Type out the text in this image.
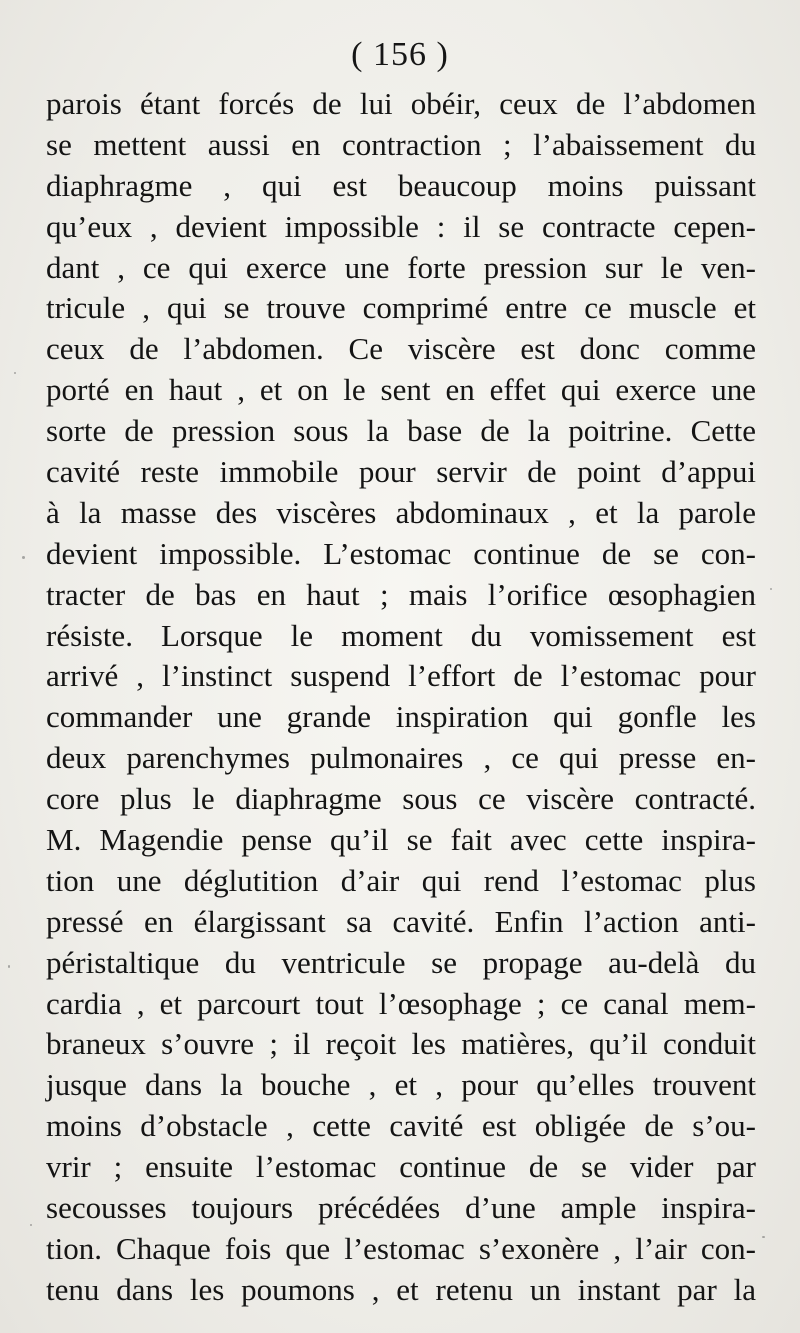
( 156 )
parois étant forcés de lui obéir, ceux de l’abdomen
se mettent aussi en contraction ; l’abaissement du
diaphragme , qui est beaucoup moins puissant
qu’eux , devient impossible : il se contracte cepen-
dant , ce qui exerce une forte pression sur le ven-
tricule , qui se trouve comprimé entre ce muscle et
ceux de l’abdomen. Ce viscère est donc comme
porté en haut , et on le sent en effet qui exerce une
sorte de pression sous la base de la poitrine. Cette
cavité reste immobile pour servir de point d’appui
à la masse des viscères abdominaux , et la parole
devient impossible. L’estomac continue de se con-
tracter de bas en haut ; mais l’orifice œsophagien
résiste. Lorsque le moment du vomissement est
arrivé , l’instinct suspend l’effort de l’estomac pour
commander une grande inspiration qui gonfle les
deux parenchymes pulmonaires , ce qui presse en-
core plus le diaphragme sous ce viscère contracté.
M. Magendie pense qu’il se fait avec cette inspira-
tion une déglutition d’air qui rend l’estomac plus
pressé en élargissant sa cavité. Enfin l’action anti-
péristaltique du ventricule se propage au-delà du
cardia , et parcourt tout l’œsophage ; ce canal mem-
braneux s’ouvre ; il reçoit les matières, qu’il conduit
jusque dans la bouche , et , pour qu’elles trouvent
moins d’obstacle , cette cavité est obligée de s’ou-
vrir ; ensuite l’estomac continue de se vider par
secousses toujours précédées d’une ample inspira-
tion. Chaque fois que l’estomac s’exonère , l’air con-
tenu dans les poumons , et retenu un instant par la
